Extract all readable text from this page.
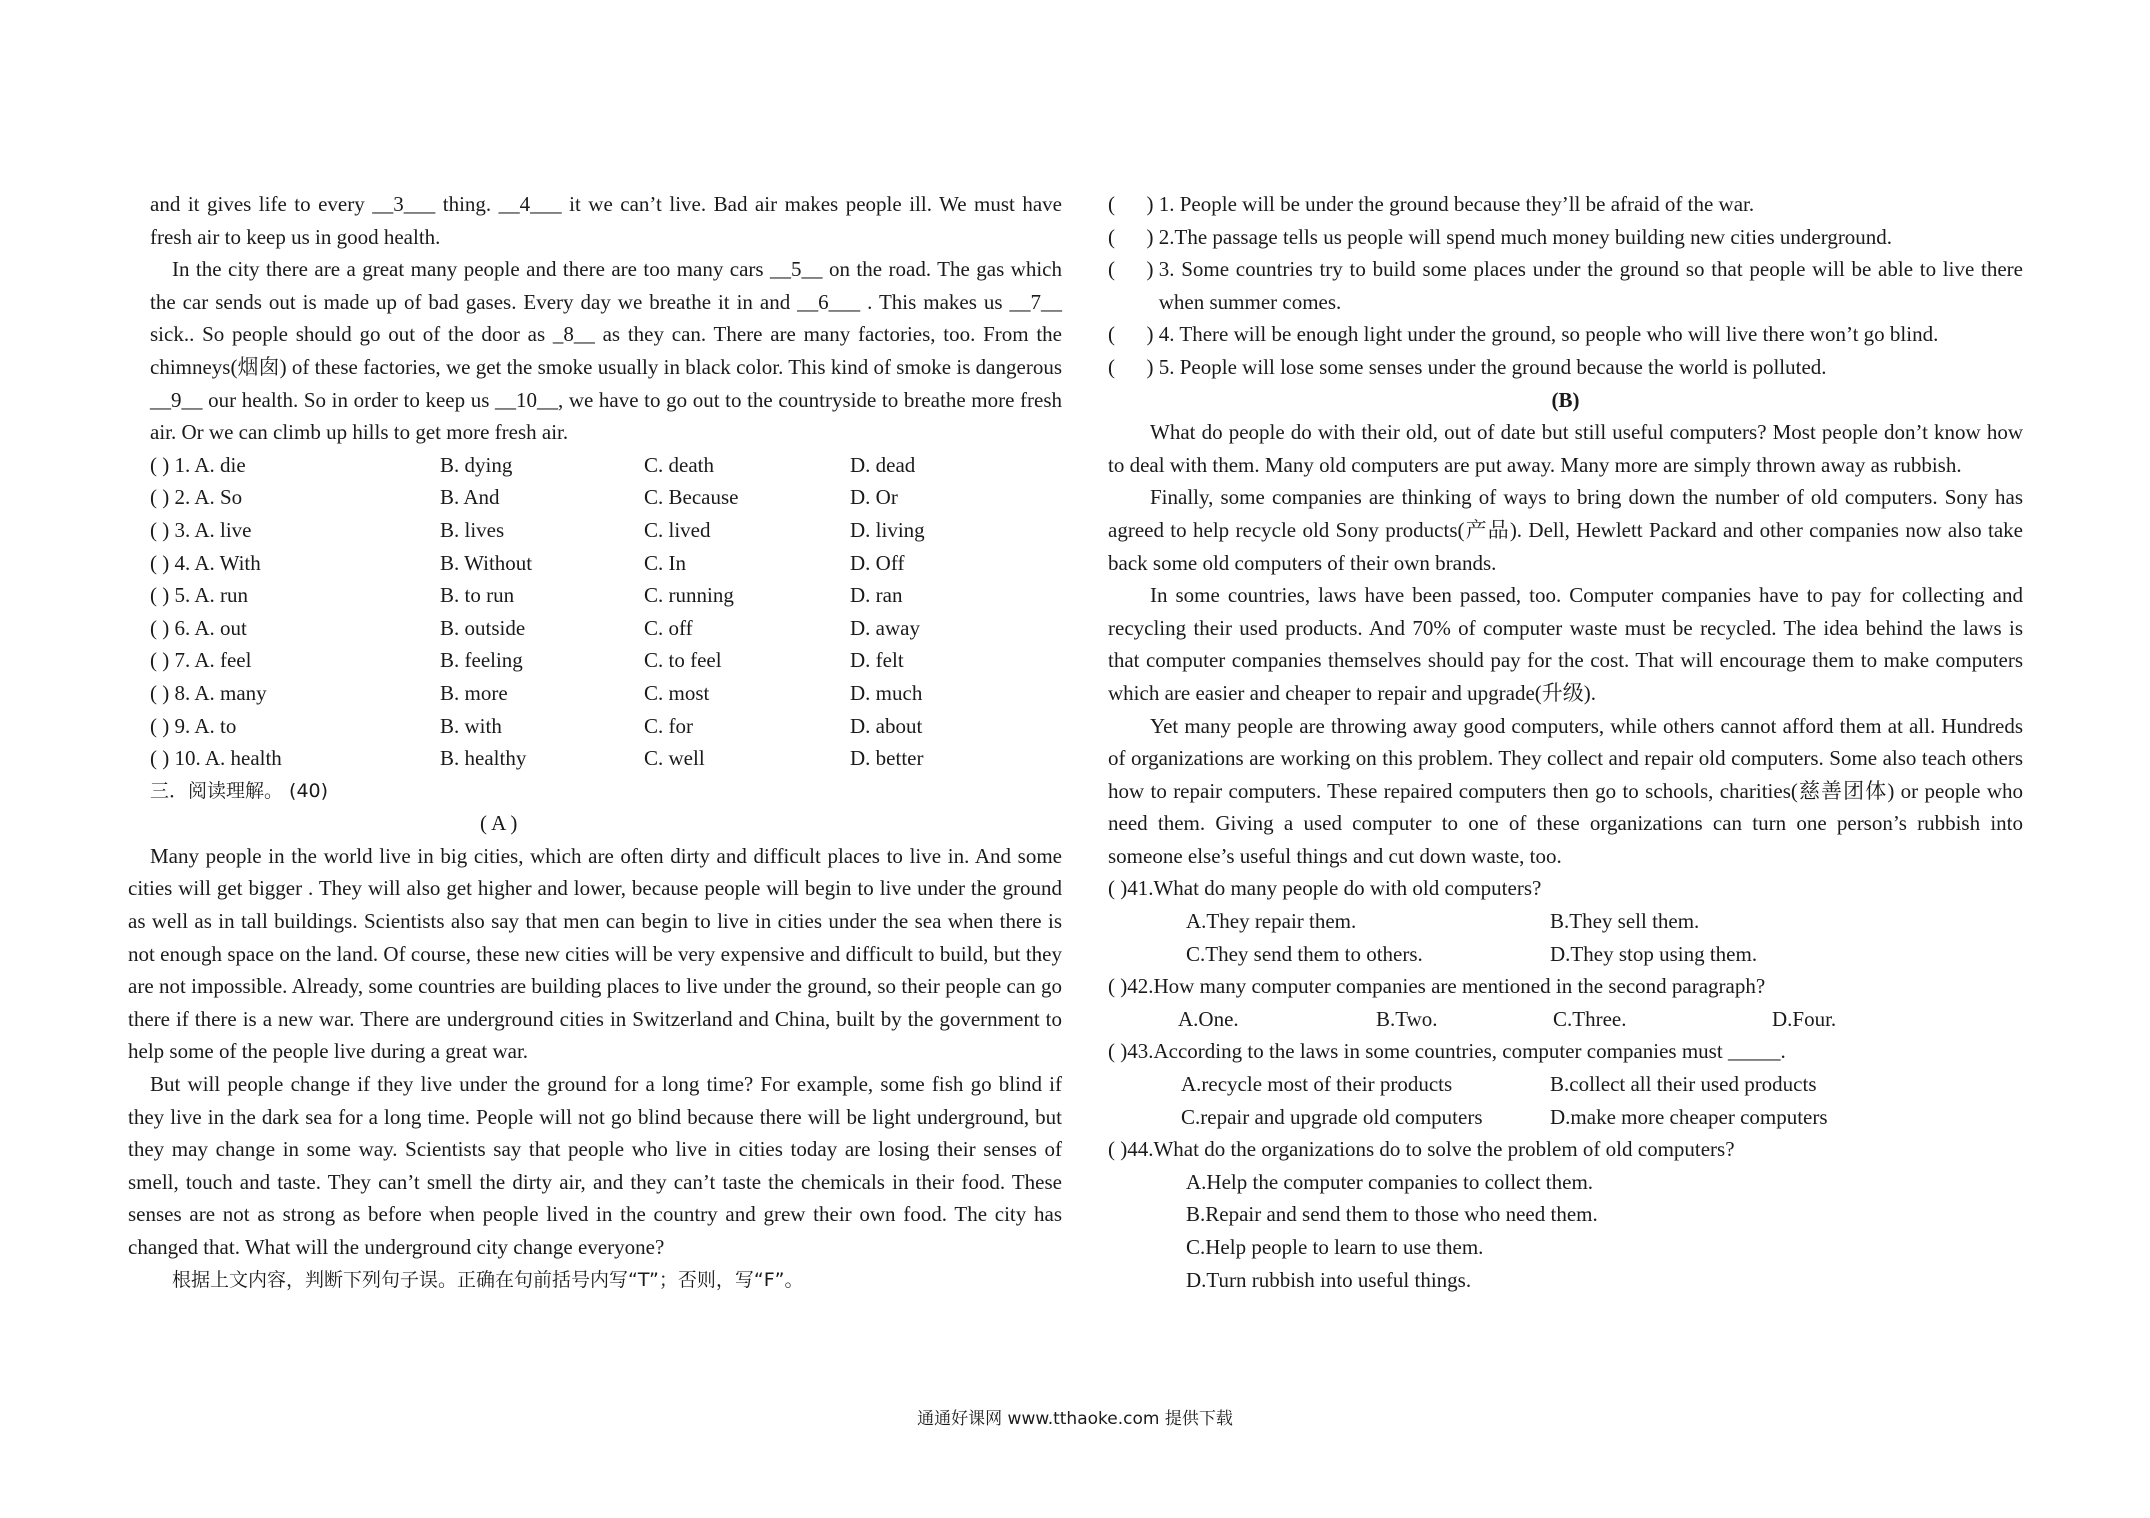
and it gives life to every __3___ thing. __4___ it we can’t live. Bad air makes people ill. We must have fresh air to keep us in good health.

In the city there are a great many people and there are too many cars __5__ on the road. The gas which the car sends out is made up of bad gases. Every day we breathe it in and __6___ . This makes us __7__ sick.. So people should go out of the door as _8__ as they can. There are many factories, too. From the chimneys(烟囱) of these factories, we get the smoke usually in black color. This kind of smoke is dangerous __9__ our health. So in order to keep us __10__, we have to go out to the countryside to breathe more fresh air. Or we can climb up hills to get more fresh air.

( ) 1. A. die	B. dying	C. death	D. dead
( ) 2. A. So	B. And	C. Because	D. Or
( ) 3. A. live	B. lives	C. lived	D. living
( ) 4. A. With	B. Without	C. In	D. Off
( ) 5. A. run	B. to run	C. running	D. ran
( ) 6. A. out	B. outside	C. off	D. away
( ) 7. A. feel	B. feeling	C. to feel	D. felt
( ) 8. A. many	B. more	C. most	D. much
( ) 9. A. to	B. with	C. for	D. about
( ) 10. A. health	B. healthy	C. well	D. better
三．阅读理解。 (40)
( A )

Many people in the world live in big cities, which are often dirty and difficult places to live in. And some cities will get bigger . They will also get higher and lower, because people will begin to live under the ground as well as in tall buildings. Scientists also say that men can begin to live in cities under the sea when there is not enough space on the land. Of course, these new cities will be very expensive and difficult to build, but they are not impossible. Already, some countries are building places to live under the ground, so their people can go there if there is a new war. There are underground cities in Switzerland and China, built by the government to help some of the people live during a great war.

But will people change if they live under the ground for a long time? For example, some fish go blind if they live in the dark sea for a long time. People will not go blind because there will be light underground, but they may change in some way. Scientists say that people who live in cities today are losing their senses of smell, touch and taste. They can’t smell the dirty air, and they can’t taste the chemicals in their food. These senses are not as strong as before when people lived in the country and grew their own food. The city has changed that. What will the underground city change everyone?

根据上文内容，判断下列句子误。正确在句前括号内写“T”；否则，写“F”。
(      ) 1. People will be under the ground because they’ll be afraid of the war.
(      ) 2.The passage tells us people will spend much money building new cities underground.
(      ) 3. Some countries try to build some places under the ground so that people will be able to live there when summer comes.
(      ) 4. There will be enough light under the ground, so people who will live there won’t go blind.
(      ) 5. People will lose some senses under the ground because the world is polluted.
(B)

What do people do with their old, out of date but still useful computers? Most people don’t know how to deal with them. Many old computers are put away. Many more are simply thrown away as rubbish.

Finally, some companies are thinking of ways to bring down the number of old computers. Sony has agreed to help recycle old Sony products(产品). Dell, Hewlett Packard and other companies now also take back some old computers of their own brands.

In some countries, laws have been passed, too. Computer companies have to pay for collecting and recycling their used products. And 70% of computer waste must be recycled. The idea behind the laws is that computer companies themselves should pay for the cost. That will encourage them to make computers which are easier and cheaper to repair and upgrade(升级).

Yet many people are throwing away good computers, while others cannot afford them at all. Hundreds of organizations are working on this problem. They collect and repair old computers. Some also teach others how to repair computers. These repaired computers then go to schools, charities(慈善团体) or people who need them. Giving a used computer to one of these organizations can turn one person’s rubbish into someone else’s useful things and cut down waste, too.

( )41.What do many people do with old computers?
A.They repair them.	B.They sell them.
C.They send them to others.	D.They stop using them.
( )42.How many computer companies are mentioned in the second paragraph?
A.One.	B.Two.	C.Three.	D.Four.
( )43.According to the laws in some countries, computer companies must _____.
A.recycle most of their products	B.collect all their used products
C.repair and upgrade old computers	D.make more cheaper computers
( )44.What do the organizations do to solve the problem of old computers?
A.Help the computer companies to collect them.
B.Repair and send them to those who need them.
C.Help people to learn to use them.
D.Turn rubbish into useful things.
通通好课网 www.tthaoke.com 提供下载
